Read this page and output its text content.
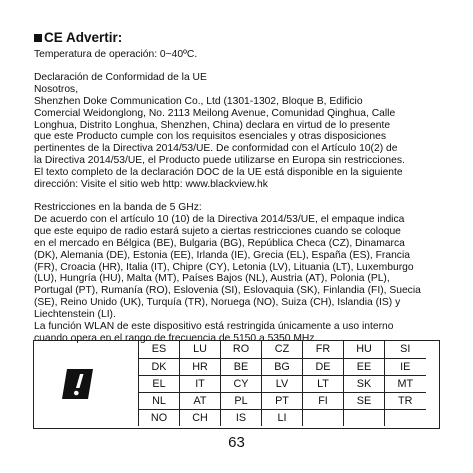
CE Advertir:

Temperatura de operación: 0~40ºC.

Declaración de Conformidad de la UE

Nosotros,

Shenzhen Doke Communication Co., Ltd (1301-1302, Bloque B, Edificio

Comercial Weidonglong, No. 2113 Meilong Avenue, Comunidad Qinghua, Calle

Longhua, Distrito Longhua, Shenzhen, China) declara en virtud de lo presente

que este Producto cumple con los requisitos esenciales y otras disposiciones

pertinentes de la Directiva 2014/53/UE. De conformidad con el Artículo 10(2) de

la Directiva 2014/53/UE, el Producto puede utilizarse en Europa sin restricciones.

El texto completo de la declaración DOC de la UE está disponible en la siguiente

dirección: Visite el sitio web http: www.blackview.hk

Restricciones en la banda de 5 GHz:

De acuerdo con el artículo 10 (10) de la Directiva 2014/53/UE, el empaque indica

que este equipo de radio estará sujeto a ciertas restricciones cuando se coloque

en el mercado en Bélgica (BE), Bulgaria (BG), República Checa (CZ), Dinamarca

(DK), Alemania (DE), Estonia (EE), Irlanda (IE), Grecia (EL), España (ES), Francia

(FR), Croacia (HR), Italia (IT), Chipre (CY), Letonia (LV), Lituania (LT), Luxemburgo

(LU), Hungría (HU), Malta (MT), Países Bajos (NL), Austria (AT), Polonia (PL),

Portugal (PT), Rumanía (RO), Eslovenia (SI), Eslovaquia (SK), Finlandia (FI), Suecia

(SE), Reino Unido (UK), Turquía (TR), Noruega (NO), Suiza (CH), Islandia (IS) y

Liechtenstein (LI).

La función WLAN de este dispositivo está restringida únicamente a uso interno

cuando opera en el rango de frecuencia de 5150 a 5350 MHz.

ES	LU	RO	CZ	FR	HU	SI
DK	HR	BE	BG	DE	EE	IE
EL	IT	CY	LV	LT	SK	MT
NL	AT	PL	PT	FI	SE	TR
NO	CH	IS	LI			
63
